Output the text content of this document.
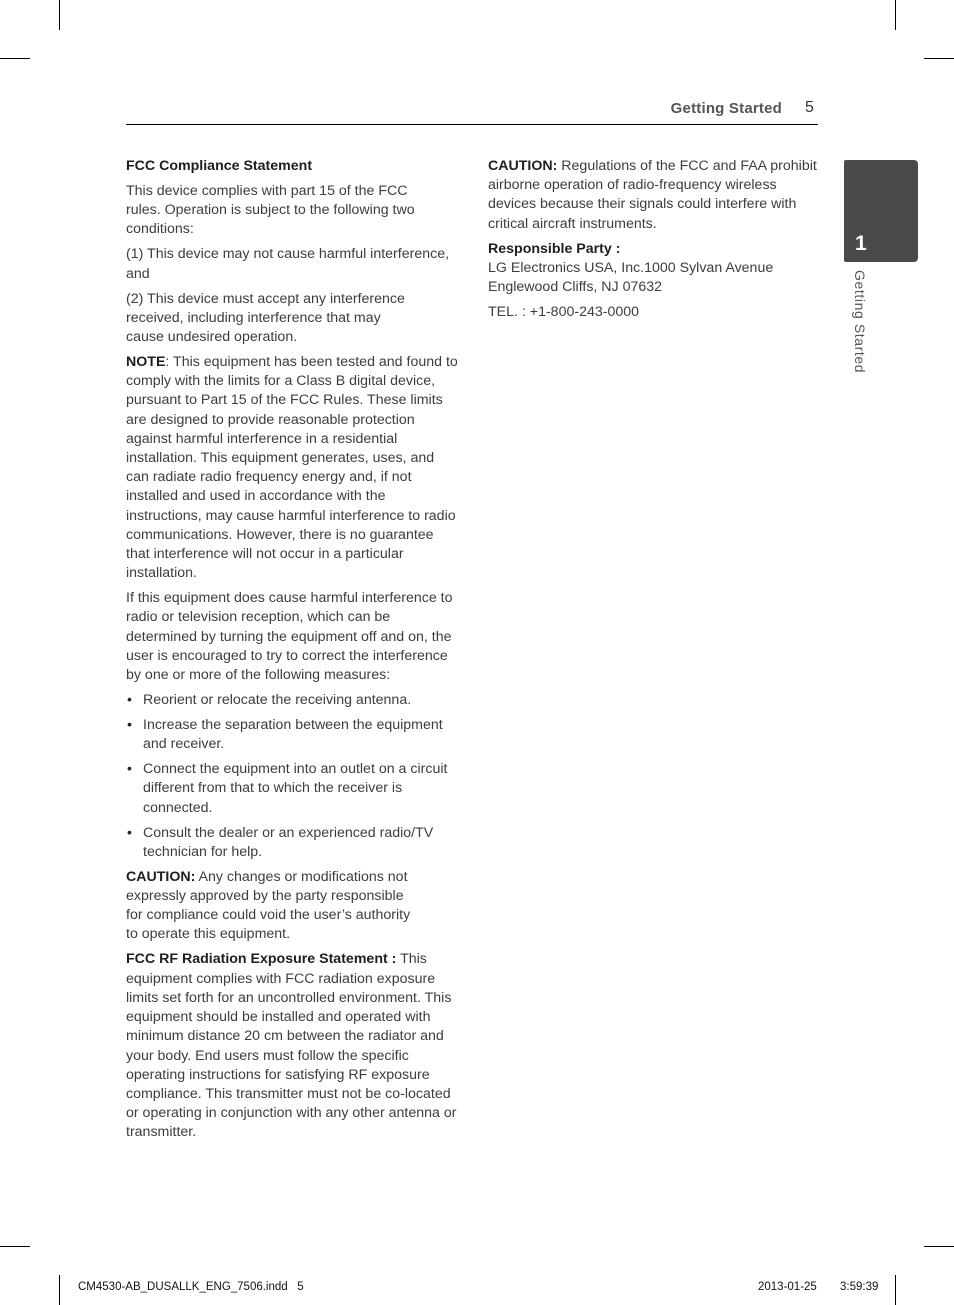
Getting Started 5
1
Getting Started
FCC Compliance Statement

This device complies with part 15 of the FCC rules. Operation is subject to the following two conditions:

(1) This device may not cause harmful interference, and

(2) This device must accept any interference received, including interference that may cause undesired operation.

NOTE: This equipment has been tested and found to comply with the limits for a Class B digital device, pursuant to Part 15 of the FCC Rules. These limits are designed to provide reasonable protection against harmful interference in a residential installation. This equipment generates, uses, and can radiate radio frequency energy and, if not installed and used in accordance with the instructions, may cause harmful interference to radio communications. However, there is no guarantee that interference will not occur in a particular installation.

If this equipment does cause harmful interference to radio or television reception, which can be determined by turning the equipment off and on, the user is encouraged to try to correct the interference by one or more of the following measures:

• Reorient or relocate the receiving antenna.
• Increase the separation between the equipment and receiver.
• Connect the equipment into an outlet on a circuit different from that to which the receiver is connected.
• Consult the dealer or an experienced radio/TV technician for help.

CAUTION: Any changes or modifications not expressly approved by the party responsible for compliance could void the user’s authority to operate this equipment.

FCC RF Radiation Exposure Statement : This equipment complies with FCC radiation exposure limits set forth for an uncontrolled environment. This equipment should be installed and operated with minimum distance 20 cm between the radiator and your body. End users must follow the specific operating instructions for satisfying RF exposure compliance. This transmitter must not be co-located or operating in conjunction with any other antenna or transmitter.

CAUTION: Regulations of the FCC and FAA prohibit airborne operation of radio-frequency wireless devices because their signals could interfere with critical aircraft instruments.

Responsible Party :
LG Electronics USA, Inc.1000 Sylvan Avenue

Englewood Cliffs, NJ 07632

TEL. : +1-800-243-0000

CM4530-AB_DUSALLK_ENG_7506.indd   5	2013-01-25 3:59:39
